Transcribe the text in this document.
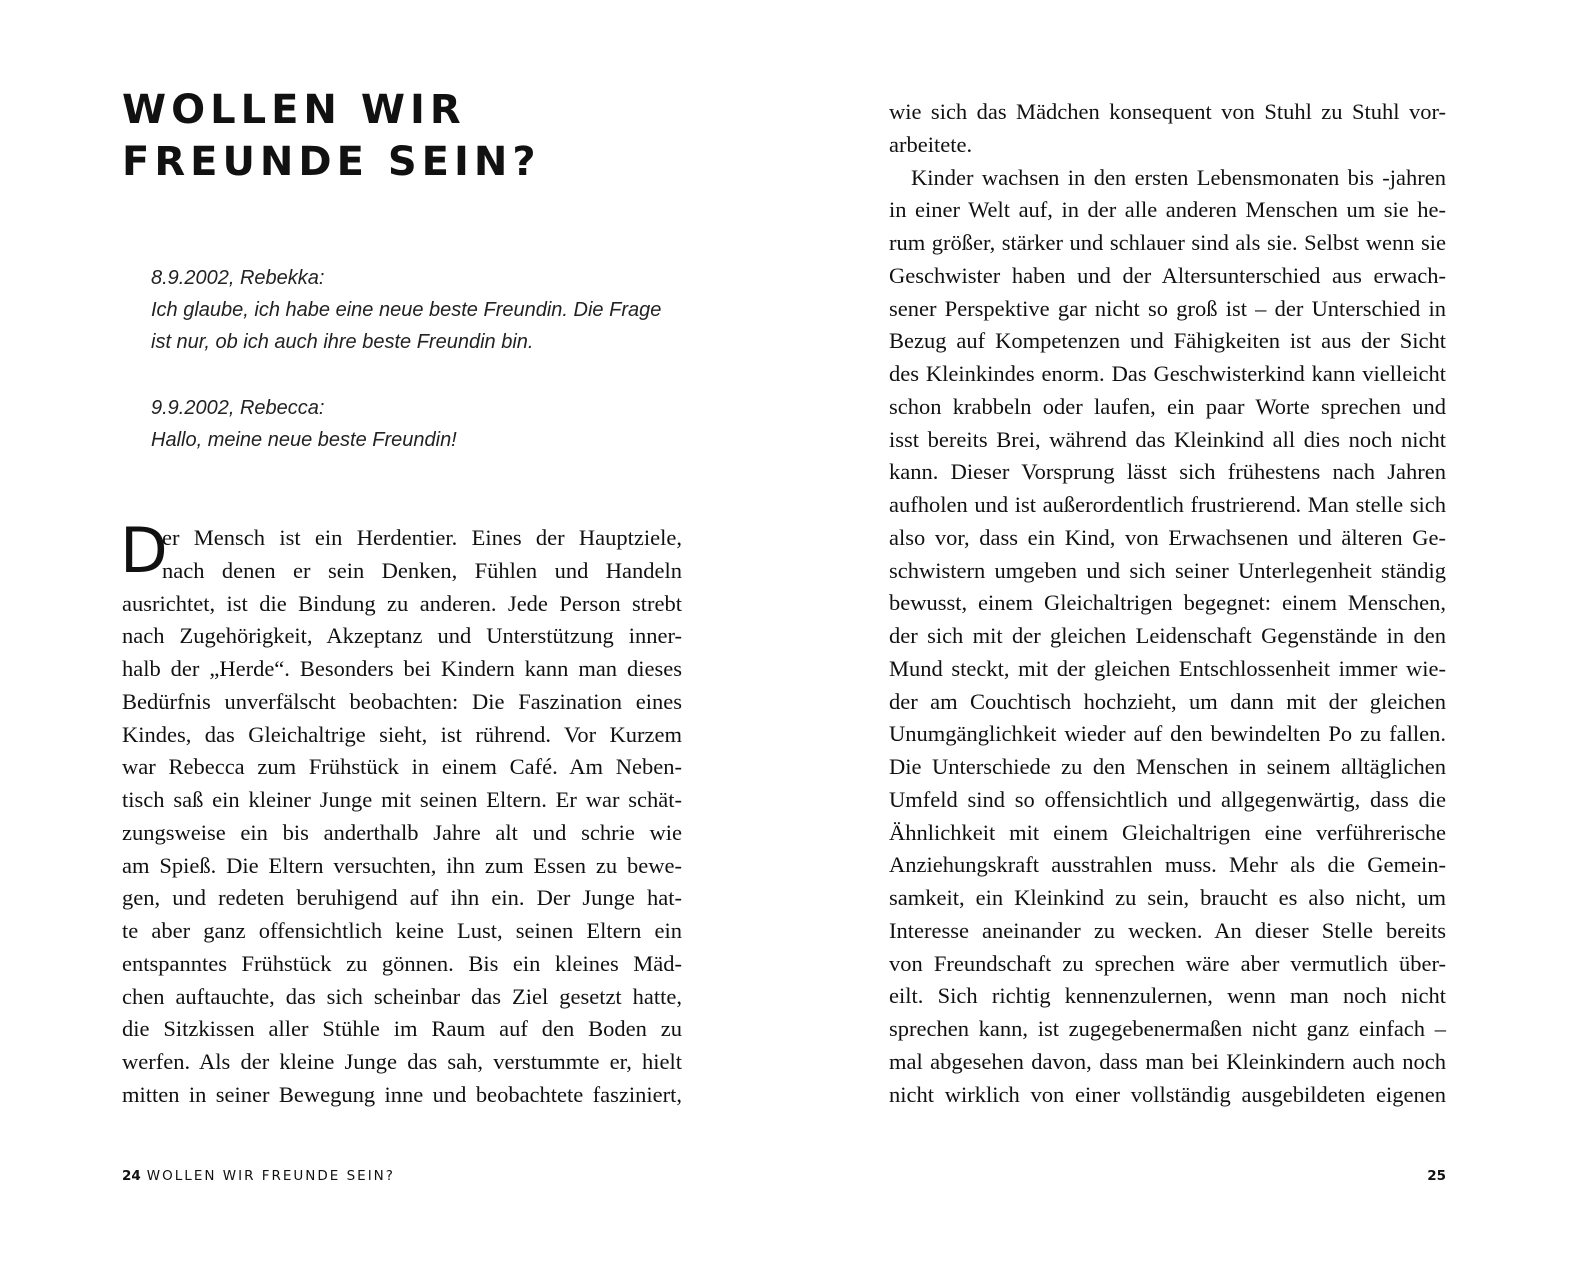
WOLLEN WIR
FREUNDE SEIN?
8.9.2002, Rebekka:
Ich glaube, ich habe eine neue beste Freundin. Die Frage
ist nur, ob ich auch ihre beste Freundin bin.
9.9.2002, Rebecca:
Hallo, meine neue beste Freundin!
D
er Mensch ist ein Herdentier. Eines der Hauptziele,
nach denen er sein Denken, Fühlen und Handeln
ausrichtet, ist die Bindung zu anderen. Jede Person strebt
nach Zugehörigkeit, Akzeptanz und Unterstützung inner-
halb der „Herde“. Besonders bei Kindern kann man dieses
Bedürfnis unverfälscht beobachten: Die Faszination eines
Kindes, das Gleichaltrige sieht, ist rührend. Vor Kurzem
war Rebecca zum Frühstück in einem Café. Am Neben-
tisch saß ein kleiner Junge mit seinen Eltern. Er war schät-
zungsweise ein bis anderthalb Jahre alt und schrie wie
am Spieß. Die Eltern versuchten, ihn zum Essen zu bewe-
gen, und redeten beruhigend auf ihn ein. Der Junge hat-
te aber ganz offensichtlich keine Lust, seinen Eltern ein
entspanntes Frühstück zu gönnen. Bis ein kleines Mäd-
chen auftauchte, das sich scheinbar das Ziel gesetzt hatte,
die Sitzkissen aller Stühle im Raum auf den Boden zu
werfen. Als der kleine Junge das sah, verstummte er, hielt
mitten in seiner Bewegung inne und beobachtete fasziniert,
wie sich das Mädchen konsequent von Stuhl zu Stuhl vor-
arbeitete.
Kinder wachsen in den ersten Lebensmonaten bis -jahren
in einer Welt auf, in der alle anderen Menschen um sie he-
rum größer, stärker und schlauer sind als sie. Selbst wenn sie
Geschwister haben und der Altersunterschied aus erwach-
sener Perspektive gar nicht so groß ist – der Unterschied in
Bezug auf Kompetenzen und Fähigkeiten ist aus der Sicht
des Kleinkindes enorm. Das Geschwisterkind kann vielleicht
schon krabbeln oder laufen, ein paar Worte sprechen und
isst bereits Brei, während das Kleinkind all dies noch nicht
kann. Dieser Vorsprung lässt sich frühestens nach Jahren
aufholen und ist außerordentlich frustrierend. Man stelle sich
also vor, dass ein Kind, von Erwachsenen und älteren Ge-
schwistern umgeben und sich seiner Unterlegenheit ständig
bewusst, einem Gleichaltrigen begegnet: einem Menschen,
der sich mit der gleichen Leidenschaft Gegenstände in den
Mund steckt, mit der gleichen Entschlossenheit immer wie-
der am Couchtisch hochzieht, um dann mit der gleichen
Unumgänglichkeit wieder auf den bewindelten Po zu fallen.
Die Unterschiede zu den Menschen in seinem alltäglichen
Umfeld sind so offensichtlich und allgegenwärtig, dass die
Ähnlichkeit mit einem Gleichaltrigen eine verführerische
Anziehungskraft ausstrahlen muss. Mehr als die Gemein-
samkeit, ein Kleinkind zu sein, braucht es also nicht, um
Interesse aneinander zu wecken. An dieser Stelle bereits
von Freundschaft zu sprechen wäre aber vermutlich über-
eilt. Sich richtig kennenzulernen, wenn man noch nicht
sprechen kann, ist zugegebenermaßen nicht ganz einfach –
mal abgesehen davon, dass man bei Kleinkindern auch noch
nicht wirklich von einer vollständig ausgebildeten eigenen
24 WOLLEN WIR FREUNDE SEIN?	25
